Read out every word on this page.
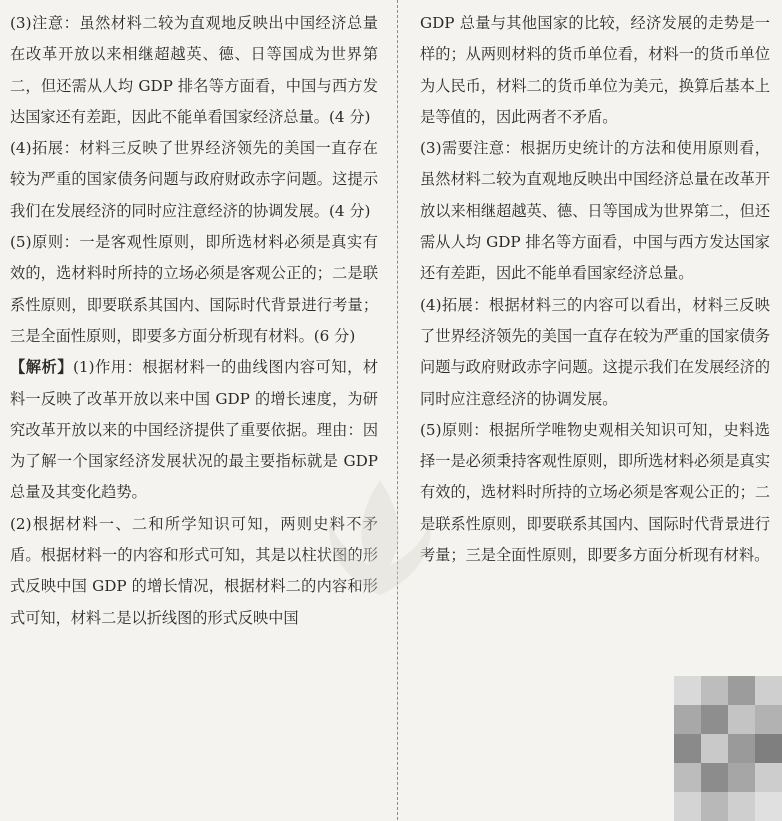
(3)注意：虽然材料二较为直观地反映出中国经济总量在改革开放以来相继超越英、德、日等国成为世界第二，但还需从人均 GDP 排名等方面看，中国与西方发达国家还有差距，因此不能单看国家经济总量。(4 分)

(4)拓展：材料三反映了世界经济领先的美国一直存在较为严重的国家债务问题与政府财政赤字问题。这提示我们在发展经济的同时应注意经济的协调发展。(4 分)

(5)原则：一是客观性原则，即所选材料必须是真实有效的，选材料时所持的立场必须是客观公正的；二是联系性原则，即要联系其国内、国际时代背景进行考量；三是全面性原则，即要多方面分析现有材料。(6 分)

【解析】(1)作用：根据材料一的曲线图内容可知，材料一反映了改革开放以来中国 GDP 的增长速度，为研究改革开放以来的中国经济提供了重要依据。理由：因为了解一个国家经济发展状况的最主要指标就是 GDP 总量及其变化趋势。

(2)根据材料一、二和所学知识可知，两则史料不矛盾。根据材料一的内容和形式可知，其是以柱状图的形式反映中国 GDP 的增长情况，根据材料二的内容和形式可知，材料二是以折线图的形式反映中国

GDP 总量与其他国家的比较，经济发展的走势是一样的；从两则材料的货币单位看，材料一的货币单位为人民币，材料二的货币单位为美元，换算后基本上是等值的，因此两者不矛盾。

(3)需要注意：根据历史统计的方法和使用原则看，虽然材料二较为直观地反映出中国经济总量在改革开放以来相继超越英、德、日等国成为世界第二，但还需从人均 GDP 排名等方面看，中国与西方发达国家还有差距，因此不能单看国家经济总量。

(4)拓展：根据材料三的内容可以看出，材料三反映了世界经济领先的美国一直存在较为严重的国家债务问题与政府财政赤字问题。这提示我们在发展经济的同时应注意经济的协调发展。

(5)原则：根据所学唯物史观相关知识可知，史料选择一是必须秉持客观性原则，即所选材料必须是真实有效的，选材料时所持的立场必须是客观公正的；二是联系性原则，即要联系其国内、国际时代背景进行考量；三是全面性原则，即要多方面分析现有材料。
